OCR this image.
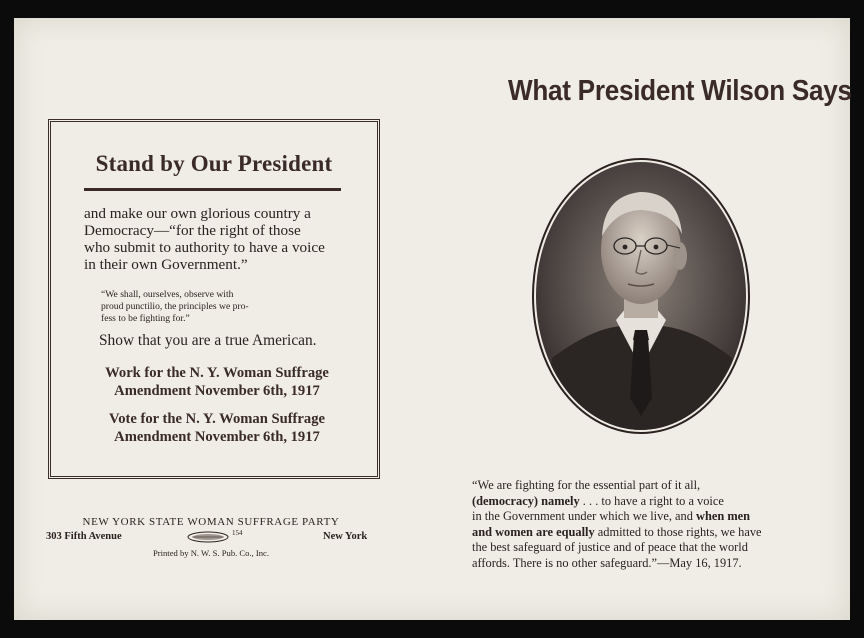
Stand by Our President
and make our own glorious country a
Democracy—“for the right of those
who submit to authority to have a voice
in their own Government.”
“We shall, ourselves, observe with
proud punctilio, the principles we pro-
fess to be fighting for.”
Show that you are a true American.
Work for the N. Y. Woman Suffrage
Amendment November 6th, 1917
Vote for the N. Y. Woman Suffrage
Amendment November 6th, 1917
NEW YORK STATE WOMAN SUFFRAGE PARTY
303 Fifth Avenue	154	New York
Printed by N. W. S. Pub. Co., Inc.
What President Wilson Says
“We are fighting for the essential part of it all,
(democracy) namely . . . to have a right to a voice
in the Government under which we live, and when men
and women are equally admitted to those rights, we have
the best safeguard of justice and of peace that the world
affords. There is no other safeguard.”—May 16, 1917.
